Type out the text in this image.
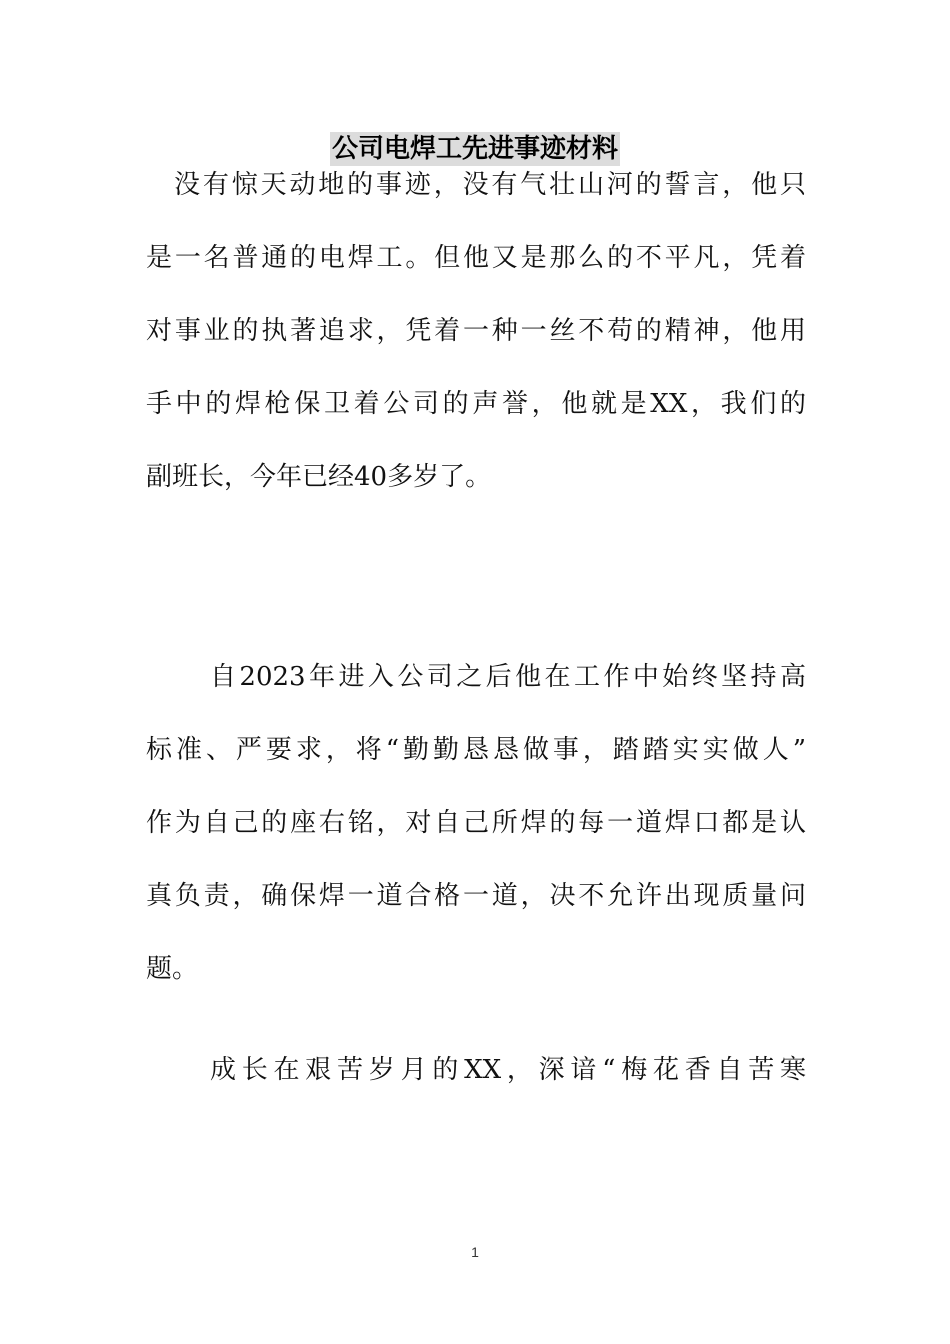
公司电焊工先进事迹材料
没有惊天动地的事迹，没有气壮山河的誓言，他只
是一名普通的电焊工。但他又是那么的不平凡，凭着
对事业的执著追求，凭着一种一丝不苟的精神，他用
手中的焊枪保卫着公司的声誉，他就是XX，我们的
副班长，今年已经40多岁了。
自2023年进入公司之后他在工作中始终坚持高
标准、严要求，将“勤勤恳恳做事，踏踏实实做人”
作为自己的座右铭，对自己所焊的每一道焊口都是认
真负责，确保焊一道合格一道，决不允许出现质量问
题。
成长在艰苦岁月的XX，深谙“梅花香自苦寒
1
